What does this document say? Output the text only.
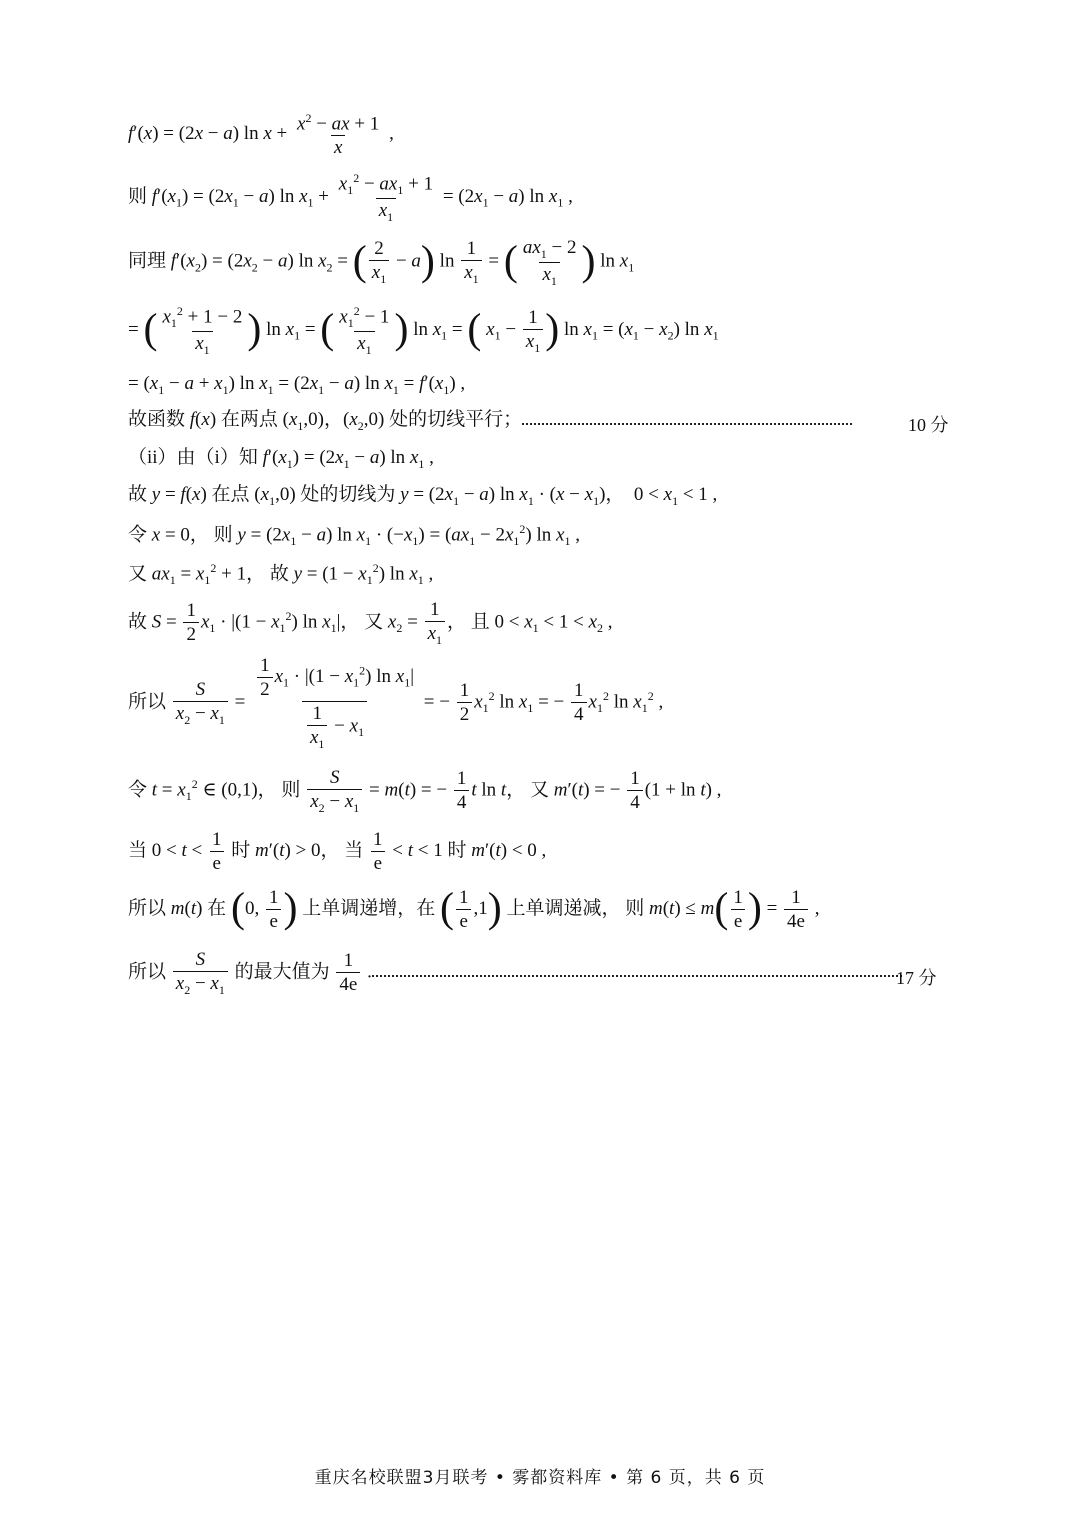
f′(x) = (2x − a) $\ln x + \frac{x^2 - ax + 1}{x}$ ,
则 $f'(x_1) = (2x_1 - a)$ $\ln x_1 + \frac{x_1^2 - ax_1 + 1}{x_1} = (2x_1 - a)$ $\ln x_1$ ,
同理 $f'(x_2) = (2x_2 - a)$ $\ln x_2$ = ( $\frac{2}{x_1} - a$) $\ln \frac{1}{x_1}$ = ( $\frac{ax_1 - 2}{x_1}$ ) $\ln x_1$
= ( $\frac{x_1^2 + 1 - 2}{x_1}$ ) $\ln x_1$ = ( $\frac{x_1^2 - 1}{x_1}$ ) $\ln x_1$ = ( $x_1 - \frac{1}{x_1}$ ) $\ln x_1 = (x_1 - x_2)$ $\ln x_1$
= $(x_1 - a + x_1)$ $\ln x_1 = (2x_1 - a)$ $\ln x_1 = f'(x_1)$ ,
故函数 f(x) 在两点 $(x_1,0)$，$(x_2,0)$ 处的切线平行；	10 分
（ii）由（i）知 $f'(x_1) = (2x_1 - a)$ $\ln x_1$ ,
故 y = f(x) 在点 $(x_1,0)$ 处的切线为 $y = (2x_1 - a)$ $\ln x_1 \cdot (x - x_1)$，  $0 < x_1 < 1$ ,
令 x = 0， 则 $y = (2x_1 - a)$ $\ln x_1 \cdot (-x_1) = (ax_1 - 2x_1^2)$ $\ln x_1$ ,
又 $ax_1 = x_1^2 + 1$， 故 $y = (1 - x_1^2)$ $\ln x_1$ ,
故 $S = \frac{1}{2} x_1 \cdot |(1 - x_1^2)$ $\ln x_1|$， 又 $x_2 = \frac{1}{x_1}$ ， 且 $0 < x_1 < 1 < x_2$ ,
所以 $\frac{S}{x_2 - x_1} = \frac{\frac{1}{2} x_1 \cdot |(1 - x_1^2) \ln x_1|}{\frac{1}{x_1} - x_1}$ = − $\frac{1}{2} x_1^2$ $\ln x_1$ = − $\frac{1}{4} x_1^2$ $\ln x_1^2$ ,
令 $t = x_1^2$ ∈ (0,1)， 则 $\frac{S}{x_2 - x_1} = m(t)$ = − $\frac{1}{4}$ t ln t， 又 m′(t) = − $\frac{1}{4} (1 + \ln t)$ ,
当 $0 < t < \frac{1}{e}$ 时 m′(t) > 0， 当 $\frac{1}{e} < t < 1$ 时 m′(t) < 0 ,
所以 m(t) 在 (0, $\frac{1}{e}$ ) 上单调递增，在 ( $\frac{1}{e} ,1$) 上单调递减， 则 $m(t) \le m( \frac{1}{e}$ ) = $\frac{1}{4e}$ ,
所以 $\frac{S}{x_2 - x_1}$ 的最大值为 $\frac{1}{4e}$ .	17 分
重庆名校联盟3月联考 • 雾都资料库 • 第 6 页，共 6 页
